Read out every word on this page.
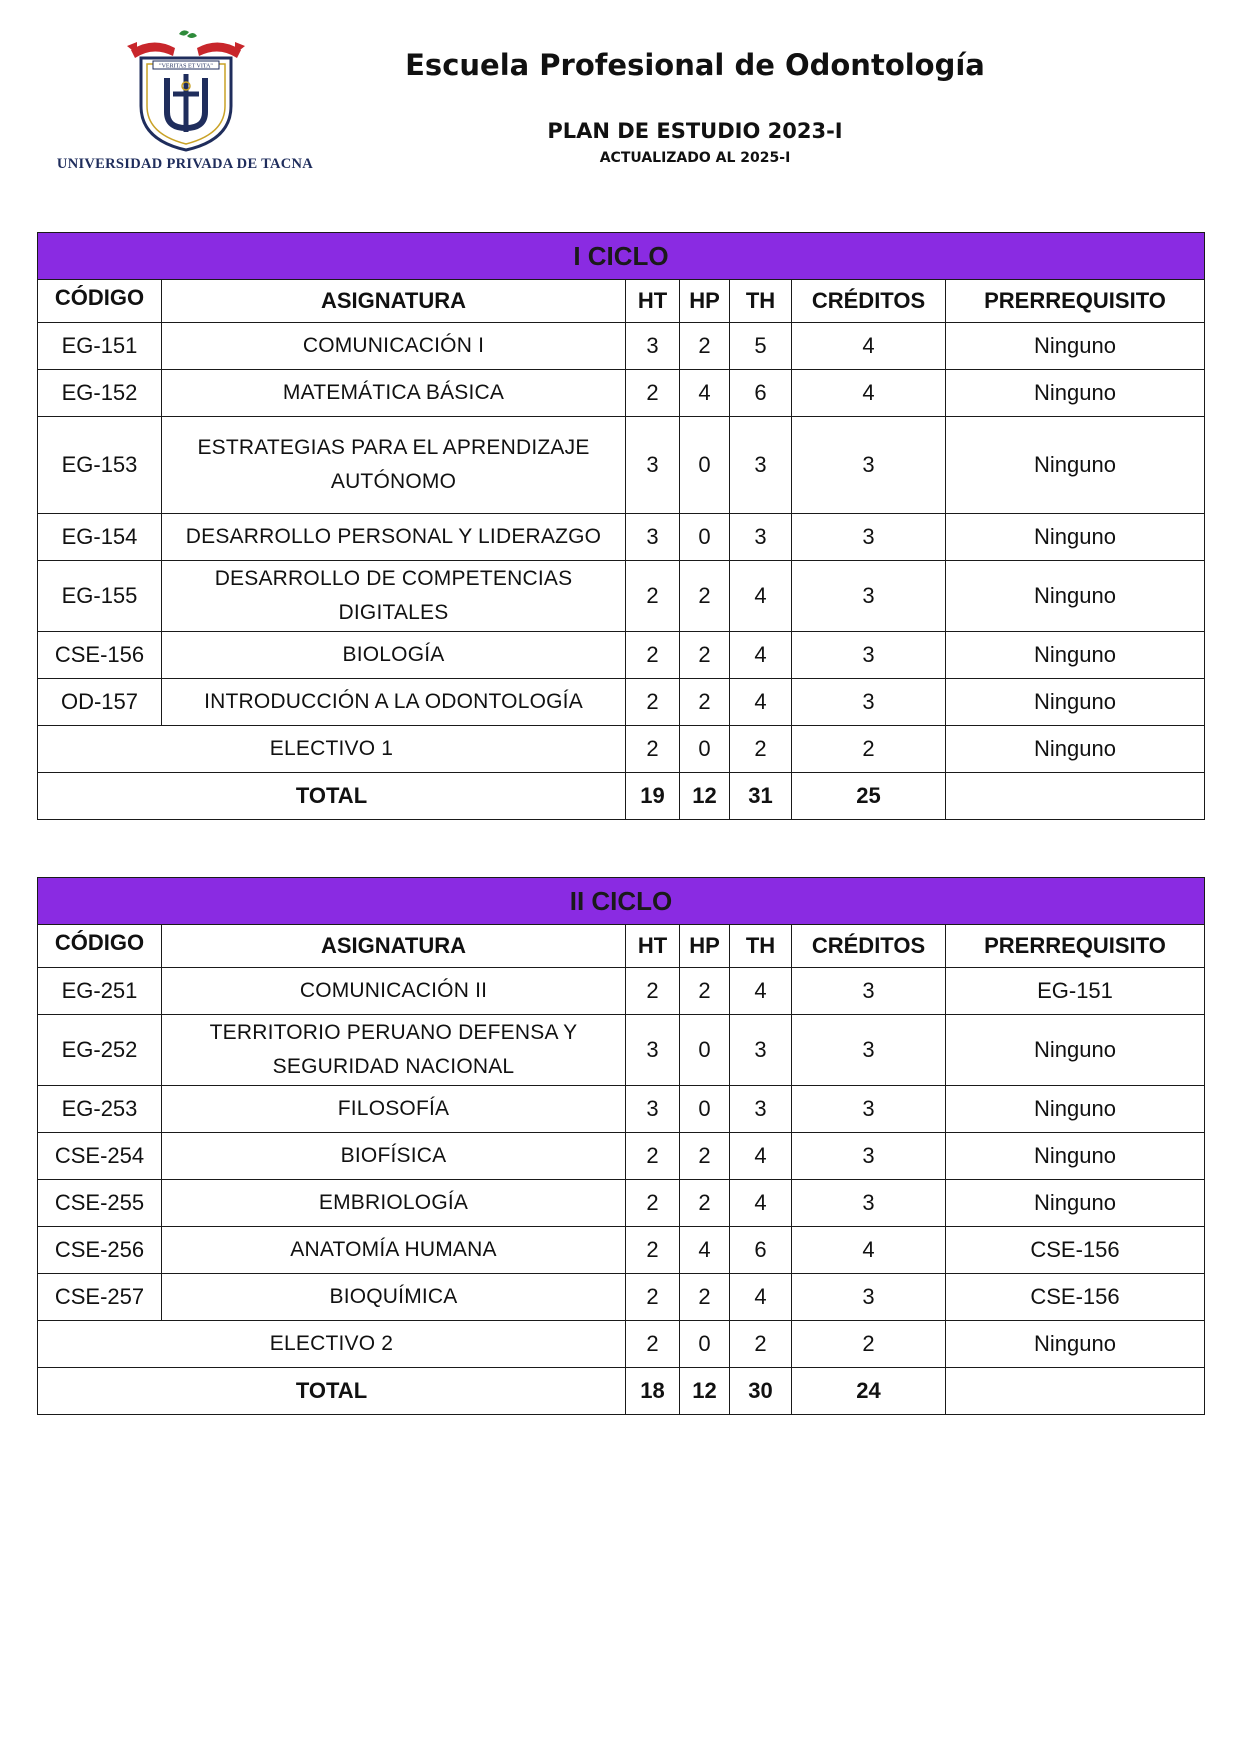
"VERITAS ET VITA"
UNIVERSIDAD PRIVADA DE TACNA
Escuela Profesional de Odontología
PLAN DE ESTUDIO 2023-I
ACTUALIZADO AL 2025-I
I CICLO						
CÓDIGO	ASIGNATURA	HT	HP	TH	CRÉDITOS	PRERREQUISITO
EG-151	COMUNICACIÓN I	3	2	5	4	Ninguno
EG-152	MATEMÁTICA BÁSICA	2	4	6	4	Ninguno
EG-153	ESTRATEGIAS PARA EL APRENDIZAJE AUTÓNOMO	3	0	3	3	Ninguno
EG-154	DESARROLLO PERSONAL Y LIDERAZGO	3	0	3	3	Ninguno
EG-155	DESARROLLO DE COMPETENCIAS DIGITALES	2	2	4	3	Ninguno
CSE-156	BIOLOGÍA	2	2	4	3	Ninguno
OD-157	INTRODUCCIÓN A LA ODONTOLOGÍA	2	2	4	3	Ninguno
ELECTIVO 1		2	0	2	2	Ninguno
TOTAL		19	12	31	25	
II CICLO						
CÓDIGO	ASIGNATURA	HT	HP	TH	CRÉDITOS	PRERREQUISITO
EG-251	COMUNICACIÓN II	2	2	4	3	EG-151
EG-252	TERRITORIO PERUANO DEFENSA Y SEGURIDAD NACIONAL	3	0	3	3	Ninguno
EG-253	FILOSOFÍA	3	0	3	3	Ninguno
CSE-254	BIOFÍSICA	2	2	4	3	Ninguno
CSE-255	EMBRIOLOGÍA	2	2	4	3	Ninguno
CSE-256	ANATOMÍA HUMANA	2	4	6	4	CSE-156
CSE-257	BIOQUÍMICA	2	2	4	3	CSE-156
ELECTIVO 2		2	0	2	2	Ninguno
TOTAL		18	12	30	24	
